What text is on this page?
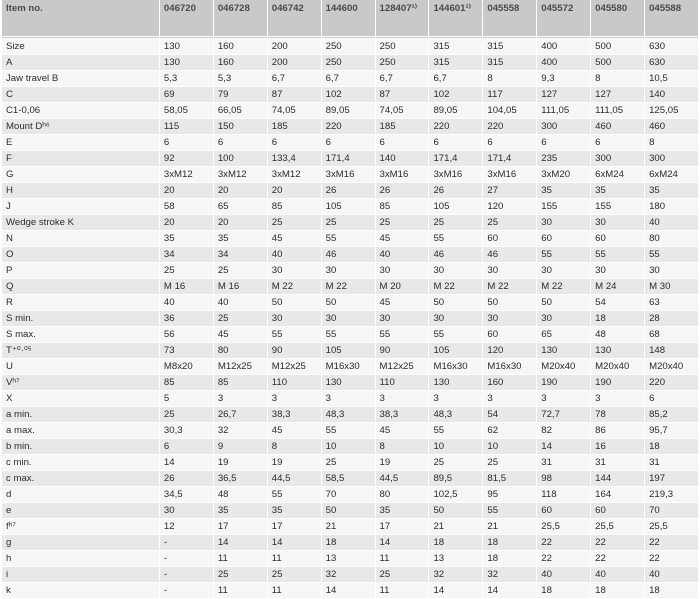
Item no.	046720	046728	046742	144600	128407¹⁾	144601¹⁾	045558	045572	045580	045588

Size	130	160	200	250	250	315	315	400	500	630
A	130	160	200	250	250	315	315	400	500	630
Jaw travel B	5,3	5,3	6,7	6,7	6,7	6,7	8	9,3	8	10,5
C	69	79	87	102	87	102	117	127	127	140
C1-0,06	58,05	66,05	74,05	89,05	74,05	89,05	104,05	111,05	111,05	125,05
Mount Dʰ⁶	115	150	185	220	185	220	220	300	460	460
E	6	6	6	6	6	6	6	6	6	8
F	92	100	133,4	171,4	140	171,4	171,4	235	300	300
G	3xM12	3xM12	3xM12	3xM16	3xM16	3xM16	3xM16	3xM20	6xM24	6xM24
H	20	20	20	26	26	26	27	35	35	35
J	58	65	85	105	85	105	120	155	155	180
Wedge stroke K	20	20	25	25	25	25	25	30	30	40
N	35	35	45	55	45	55	60	60	60	80
O	34	34	40	46	40	46	46	55	55	55
P	25	25	30	30	30	30	30	30	30	30
Q	M 16	M 16	M 22	M 22	M 20	M 22	M 22	M 22	M 24	M 30
R	40	40	50	50	45	50	50	50	54	63
S min.	36	25	30	30	30	30	30	30	18	28
S max.	56	45	55	55	55	55	60	65	48	68
T⁺⁰·⁰⁵	73	80	90	105	90	105	120	130	130	148
U	M8x20	M12x25	M12x25	M16x30	M12x25	M16x30	M16x30	M20x40	M20x40	M20x40
Vʰ⁷	85	85	110	130	110	130	160	190	190	220
X	5	3	3	3	3	3	3	3	3	6
a min.	25	26,7	38,3	48,3	38,3	48,3	54	72,7	78	85,2
a max.	30,3	32	45	55	45	55	62	82	86	95,7
b min.	6	9	8	10	8	10	10	14	16	18
c min.	14	19	19	25	19	25	25	31	31	31
c max.	26	36,5	44,5	58,5	44,5	89,5	81,5	98	144	197
d	34,5	48	55	70	80	102,5	95	118	164	219,3
e	30	35	35	50	35	50	55	60	60	70
fʰ⁷	12	17	17	21	17	21	21	25,5	25,5	25,5
g	-	14	14	18	14	18	18	22	22	22
h	-	11	11	13	11	13	18	22	22	22
i	-	25	25	32	25	32	32	40	40	40
k	-	11	11	14	11	14	14	18	18	18
